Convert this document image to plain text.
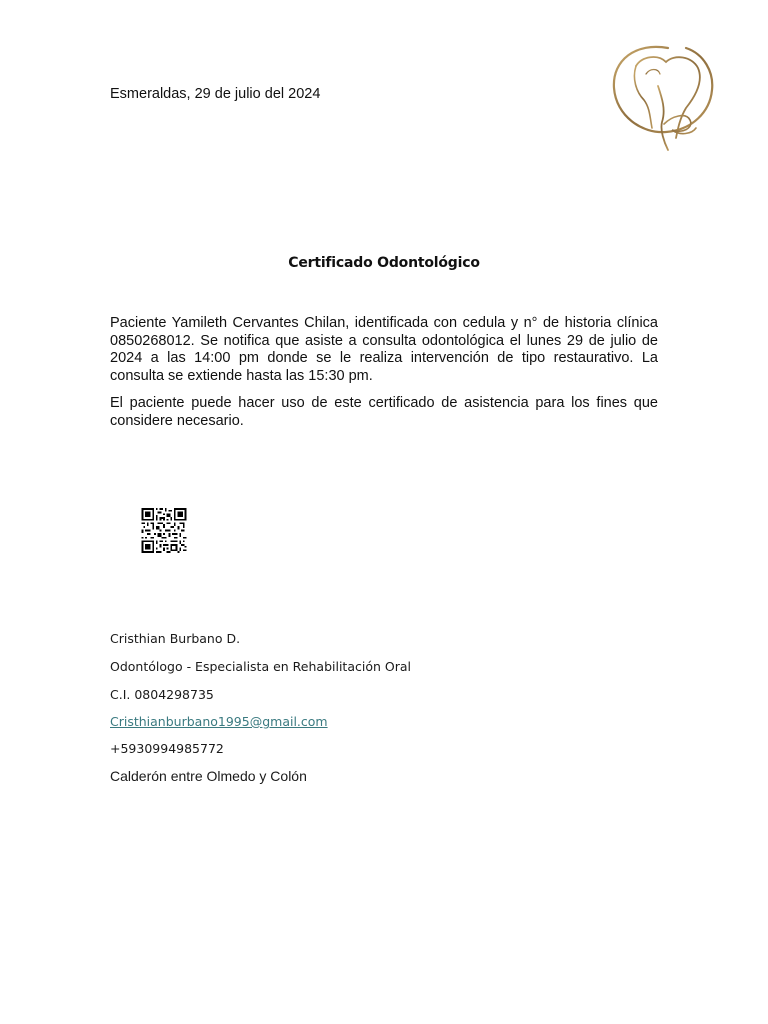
Esmeraldas, 29 de julio del 2024
Certificado Odontológico

Paciente Yamileth Cervantes Chilan, identificada con cedula y n° de historia clínica 0850268012. Se notifica que asiste a consulta odontológica el lunes 29 de julio de 2024 a las 14:00 pm donde se le realiza intervención de tipo restaurativo. La consulta se extiende hasta las 15:30 pm.

El paciente puede hacer uso de este certificado de asistencia para los fines que considere necesario.

Cristhian Burbano D.
Odontólogo - Especialista en Rehabilitación Oral
C.I. 0804298735
Cristhianburbano1995@gmail.com
+5930994985772
Calderón entre Olmedo y Colón
